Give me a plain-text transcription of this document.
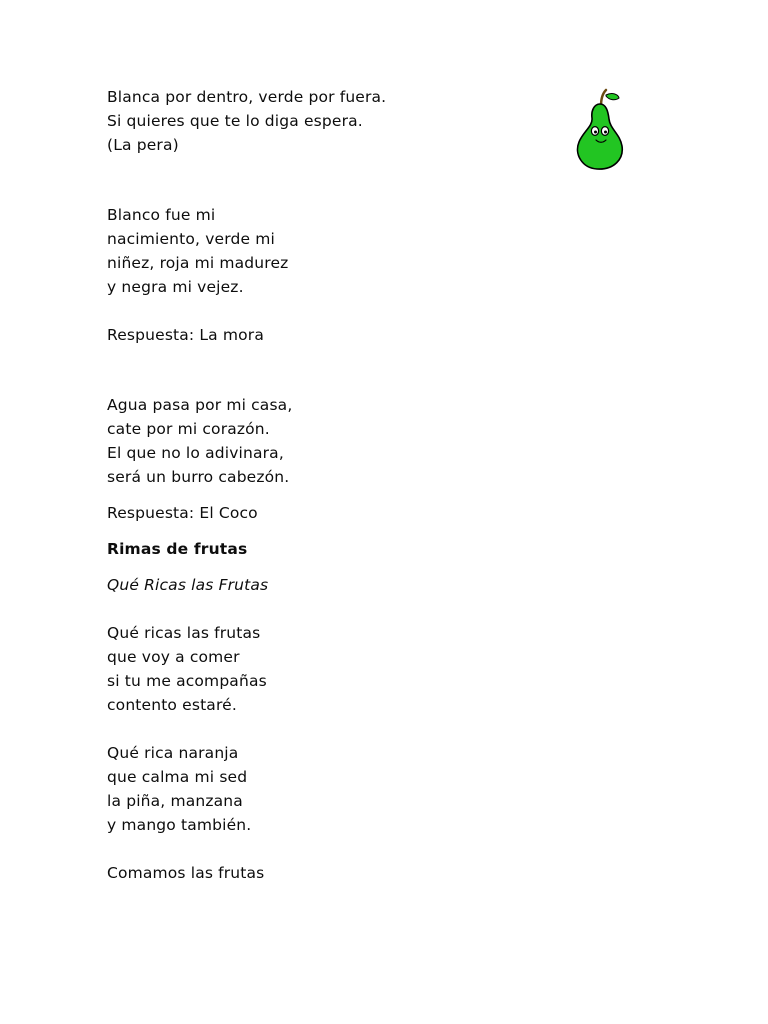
Blanca por dentro, verde por fuera.
Si quieres que te lo diga espera.
(La pera)
Blanco fue mi
nacimiento, verde mi
niñez, roja mi madurez
y negra mi vejez.
Respuesta: La mora
Agua pasa por mi casa,
cate por mi corazón.
El que no lo adivinara,
será un burro cabezón.
Respuesta: El Coco
Rimas de frutas
Qué Ricas las Frutas
Qué ricas las frutas
que voy a comer
si tu me acompañas
contento estaré.
Qué rica naranja
que calma mi sed
la piña, manzana
y mango también.
Comamos las frutas
